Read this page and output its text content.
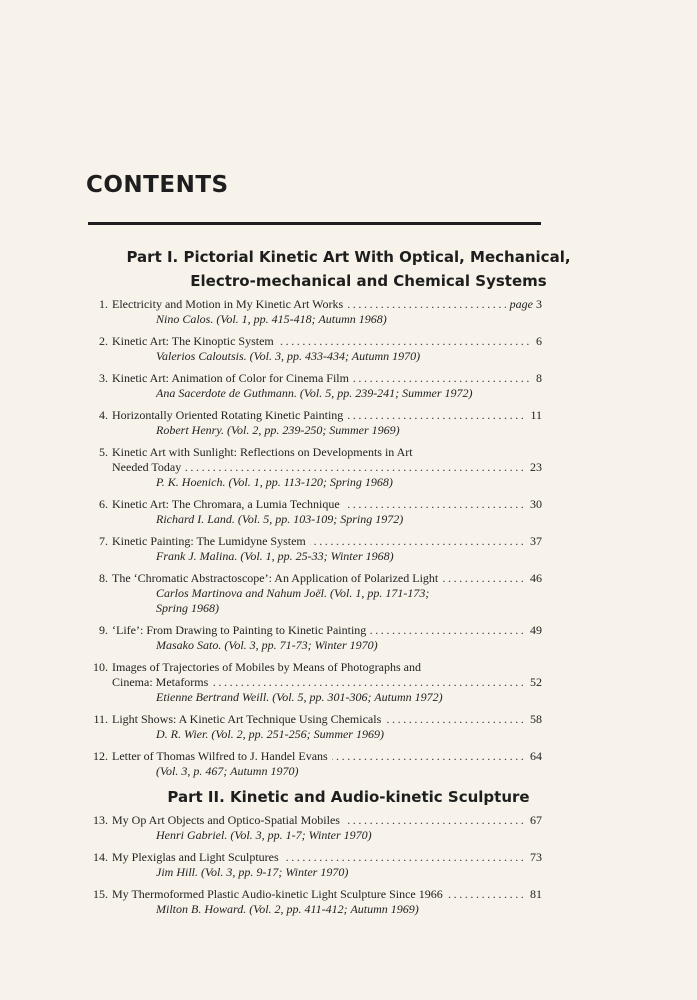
CONTENTS
Part I. Pictorial Kinetic Art With Optical, Mechanical,
Electro-mechanical and Chemical Systems
1. Electricity and Motion in My Kinetic Art Works	page 3
. . .
Nino Calos. (Vol. 1, pp. 415-418; Autumn 1968)
2. Kinetic Art: The Kinoptic System	6
. . .
Valerios Caloutsis. (Vol. 3, pp. 433-434; Autumn 1970)
3. Kinetic Art: Animation of Color for Cinema Film	8
. . .
Ana Sacerdote de Guthmann. (Vol. 5, pp. 239-241; Summer 1972)
4. Horizontally Oriented Rotating Kinetic Painting	11
. . .
Robert Henry. (Vol. 2, pp. 239-250; Summer 1969)
5. Kinetic Art with Sunlight: Reflections on Developments in Art
Needed Today	23
. . .
P. K. Hoenich. (Vol. 1, pp. 113-120; Spring 1968)
6. Kinetic Art: The Chromara, a Lumia Technique	30
. . .
Richard I. Land. (Vol. 5, pp. 103-109; Spring 1972)
7. Kinetic Painting: The Lumidyne System	37
. . .
Frank J. Malina. (Vol. 1, pp. 25-33; Winter 1968)
8. The ‘Chromatic Abstractoscope’: An Application of Polarized Light	46
. . .
Carlos Martinova and Nahum Joël. (Vol. 1, pp. 171-173;
Spring 1968)
9. ‘Life’: From Drawing to Painting to Kinetic Painting	49
. . .
Masako Sato. (Vol. 3, pp. 71-73; Winter 1970)
10. Images of Trajectories of Mobiles by Means of Photographs and
Cinema: Metaforms	52
. . .
Etienne Bertrand Weill. (Vol. 5, pp. 301-306; Autumn 1972)
11. Light Shows: A Kinetic Art Technique Using Chemicals	58
. . .
D. R. Wier. (Vol. 2, pp. 251-256; Summer 1969)
12. Letter of Thomas Wilfred to J. Handel Evans	64
. . .
(Vol. 3, p. 467; Autumn 1970)
Part II. Kinetic and Audio-kinetic Sculpture
13. My Op Art Objects and Optico-Spatial Mobiles	67
. . .
Henri Gabriel. (Vol. 3, pp. 1-7; Winter 1970)
14. My Plexiglas and Light Sculptures	73
. . .
Jim Hill. (Vol. 3, pp. 9-17; Winter 1970)
15. My Thermoformed Plastic Audio-kinetic Light Sculpture Since 1966	81
. . .
Milton B. Howard. (Vol. 2, pp. 411-412; Autumn 1969)
